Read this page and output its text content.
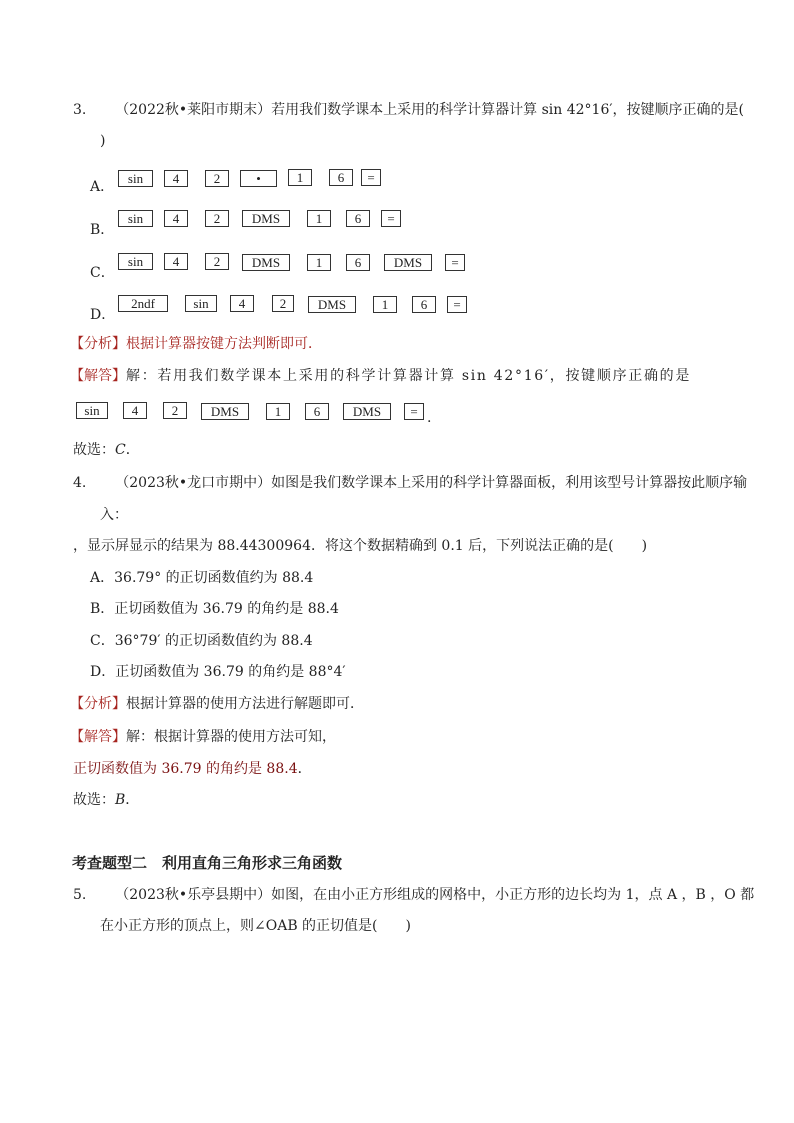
3. （2022秋•莱阳市期末）若用我们数学课本上采用的科学计算器计算 sin 42°16′，按键顺序正确的是(
)
A．
sin	4	2	•	1	6	=
B．
sin	4	2	DMS	1	6	=
C．
sin	4	2	DMS	1	6	DMS	=
D．
2ndf	sin	4	2	DMS	1	6	=
【分析】根据计算器按键方法判断即可．
【解答】解：若用我们数学课本上采用的科学计算器计算 sin 42°16′，按键顺序正确的是
sin	4	2	DMS	1	6	DMS	= .
故选：C．
4. （2023秋•龙口市期中）如图是我们数学课本上采用的科学计算器面板，利用该型号计算器按此顺序输
入：
，显示屏显示的结果为 88.44300964．将这个数据精确到 0.1 后，下列说法正确的是(　　)
A．36.79° 的正切函数值约为 88.4
B．正切函数值为 36.79 的角约是 88.4
C．36°79′ 的正切函数值约为 88.4
D．正切函数值为 36.79 的角约是 88°4′
【分析】根据计算器的使用方法进行解题即可．
【解答】解：根据计算器的使用方法可知，
正切函数值为 36.79 的角约是 88.4．
故选：B．
考查题型二　利用直角三角形求三角函数
5. （2023秋•乐亭县期中）如图，在由小正方形组成的网格中，小正方形的边长均为 1，点 A ，B ，O 都
在小正方形的顶点上，则∠OAB 的正切值是(　　)
